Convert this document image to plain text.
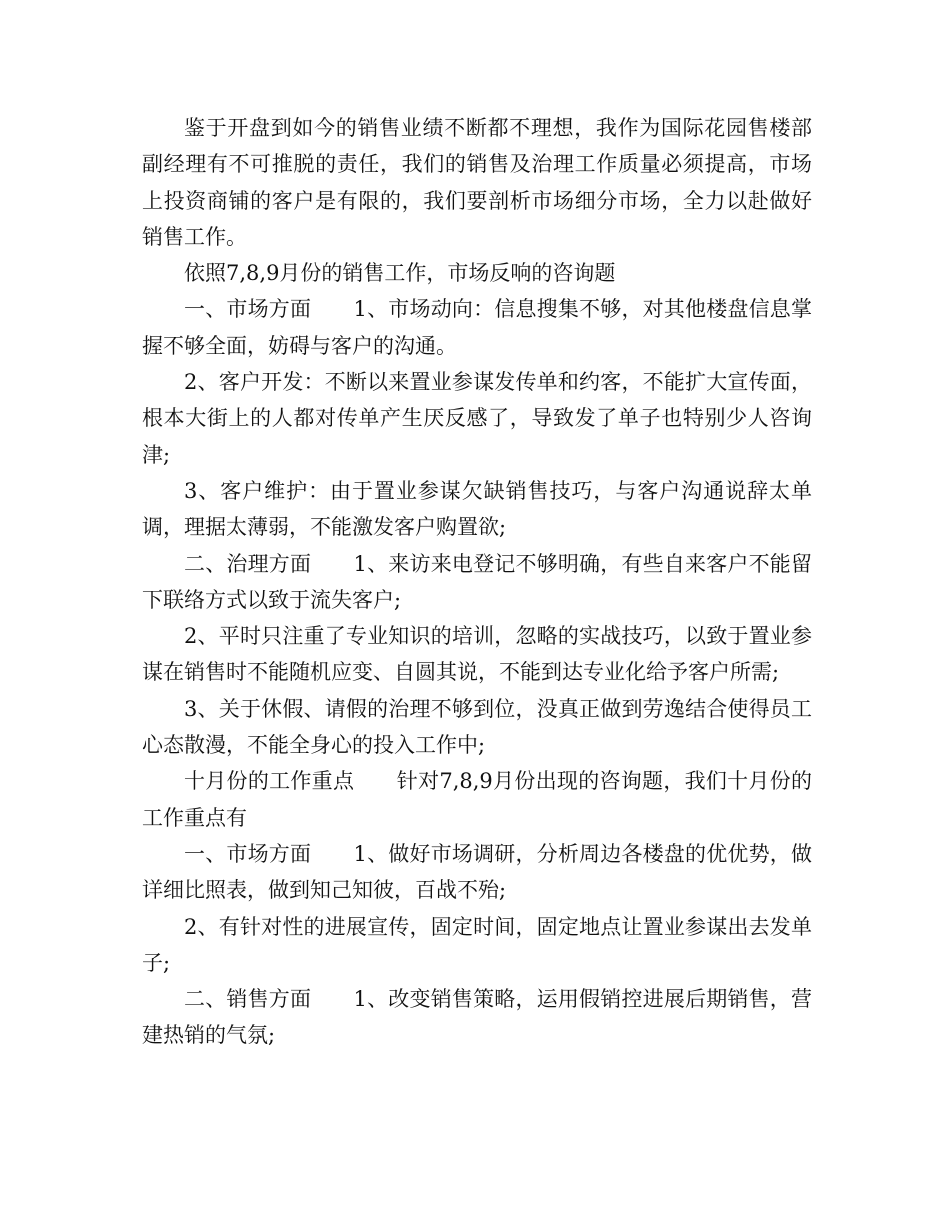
鉴于开盘到如今的销售业绩不断都不理想，我作为国际花园售楼部副经理有不可推脱的责任，我们的销售及治理工作质量必须提高，市场上投资商铺的客户是有限的，我们要剖析市场细分市场，全力以赴做好销售工作。

依照7,8,9月份的销售工作，市场反响的咨询题

一、市场方面　　1、市场动向：信息搜集不够，对其他楼盘信息掌握不够全面，妨碍与客户的沟通。

2、客户开发：不断以来置业参谋发传单和约客，不能扩大宣传面，根本大街上的人都对传单产生厌反感了，导致发了单子也特别少人咨询津;

3、客户维护：由于置业参谋欠缺销售技巧，与客户沟通说辞太单调，理据太薄弱，不能激发客户购置欲;

二、治理方面　　1、来访来电登记不够明确，有些自来客户不能留下联络方式以致于流失客户;

2、平时只注重了专业知识的培训，忽略的实战技巧，以致于置业参谋在销售时不能随机应变、自圆其说，不能到达专业化给予客户所需;

3、关于休假、请假的治理不够到位，没真正做到劳逸结合使得员工心态散漫，不能全身心的投入工作中;

十月份的工作重点　　针对7,8,9月份出现的咨询题，我们十月份的工作重点有

一、市场方面　　1、做好市场调研，分析周边各楼盘的优优势，做详细比照表，做到知己知彼，百战不殆;

2、有针对性的进展宣传，固定时间，固定地点让置业参谋出去发单子;

二、销售方面　　1、改变销售策略，运用假销控进展后期销售，营建热销的气氛;
